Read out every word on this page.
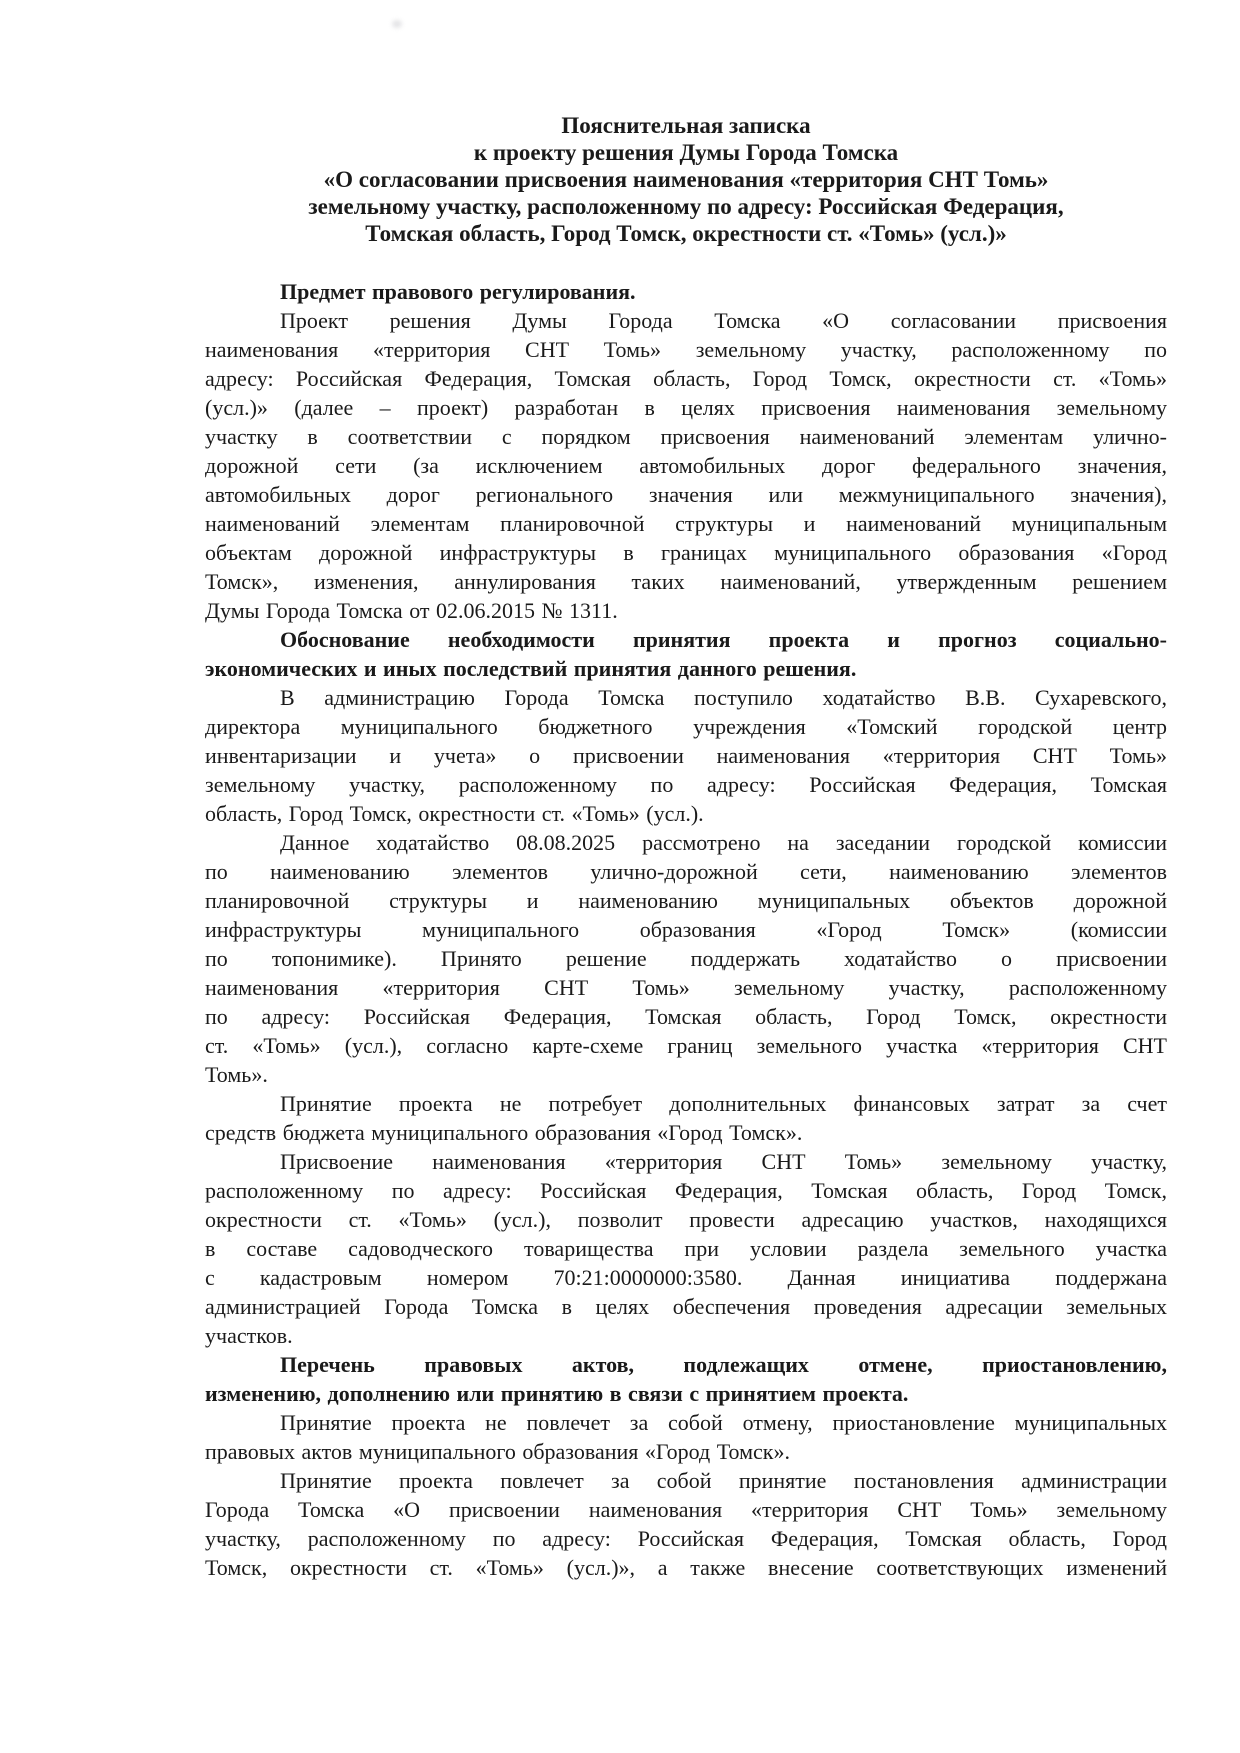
Пояснительная записка
к проекту решения Думы Города Томска
«О согласовании присвоения наименования «территория СНТ Томь»
земельному участку, расположенному по адресу: Российская Федерация,
Томская область, Город Томск, окрестности ст. «Томь» (усл.)»
Предмет правового регулирования.
Проект решения Думы Города Томска «О согласовании присвоения
наименования «территория СНТ Томь» земельному участку, расположенному по
адресу: Российская Федерация, Томская область, Город Томск, окрестности ст. «Томь»
(усл.)» (далее – проект) разработан в целях присвоения наименования земельному
участку в соответствии с порядком присвоения наименований элементам улично-
дорожной сети (за исключением автомобильных дорог федерального значения,
автомобильных дорог регионального значения или межмуниципального значения),
наименований элементам планировочной структуры и наименований муниципальным
объектам дорожной инфраструктуры в границах муниципального образования «Город
Томск», изменения, аннулирования таких наименований, утвержденным решением
Думы Города Томска от 02.06.2015 № 1311.
Обоснование необходимости принятия проекта и прогноз социально-
экономических и иных последствий принятия данного решения.
В администрацию Города Томска поступило ходатайство В.В. Сухаревского,
директора муниципального бюджетного учреждения «Томский городской центр
инвентаризации и учета» о присвоении наименования «территория СНТ Томь»
земельному участку, расположенному по адресу: Российская Федерация, Томская
область, Город Томск, окрестности ст. «Томь» (усл.).
Данное ходатайство 08.08.2025 рассмотрено на заседании городской комиссии
по наименованию элементов улично-дорожной сети, наименованию элементов
планировочной структуры и наименованию муниципальных объектов дорожной
инфраструктуры муниципального образования «Город Томск» (комиссии
по топонимике). Принято решение поддержать ходатайство о присвоении
наименования «территория СНТ Томь» земельному участку, расположенному
по адресу: Российская Федерация, Томская область, Город Томск, окрестности
ст. «Томь» (усл.), согласно карте-схеме границ земельного участка «территория СНТ
Томь».
Принятие проекта не потребует дополнительных финансовых затрат за счет
средств бюджета муниципального образования «Город Томск».
Присвоение наименования «территория СНТ Томь» земельному участку,
расположенному по адресу: Российская Федерация, Томская область, Город Томск,
окрестности ст. «Томь» (усл.), позволит провести адресацию участков, находящихся
в составе садоводческого товарищества при условии раздела земельного участка
с кадастровым номером 70:21:0000000:3580. Данная инициатива поддержана
администрацией Города Томска в целях обеспечения проведения адресации земельных
участков.
Перечень правовых актов, подлежащих отмене, приостановлению,
изменению, дополнению или принятию в связи с принятием проекта.
Принятие проекта не повлечет за собой отмену, приостановление муниципальных
правовых актов муниципального образования «Город Томск».
Принятие проекта повлечет за собой принятие постановления администрации
Города Томска «О присвоении наименования «территория СНТ Томь» земельному
участку, расположенному по адресу: Российская Федерация, Томская область, Город
Томск, окрестности ст. «Томь» (усл.)», а также внесение соответствующих изменений
